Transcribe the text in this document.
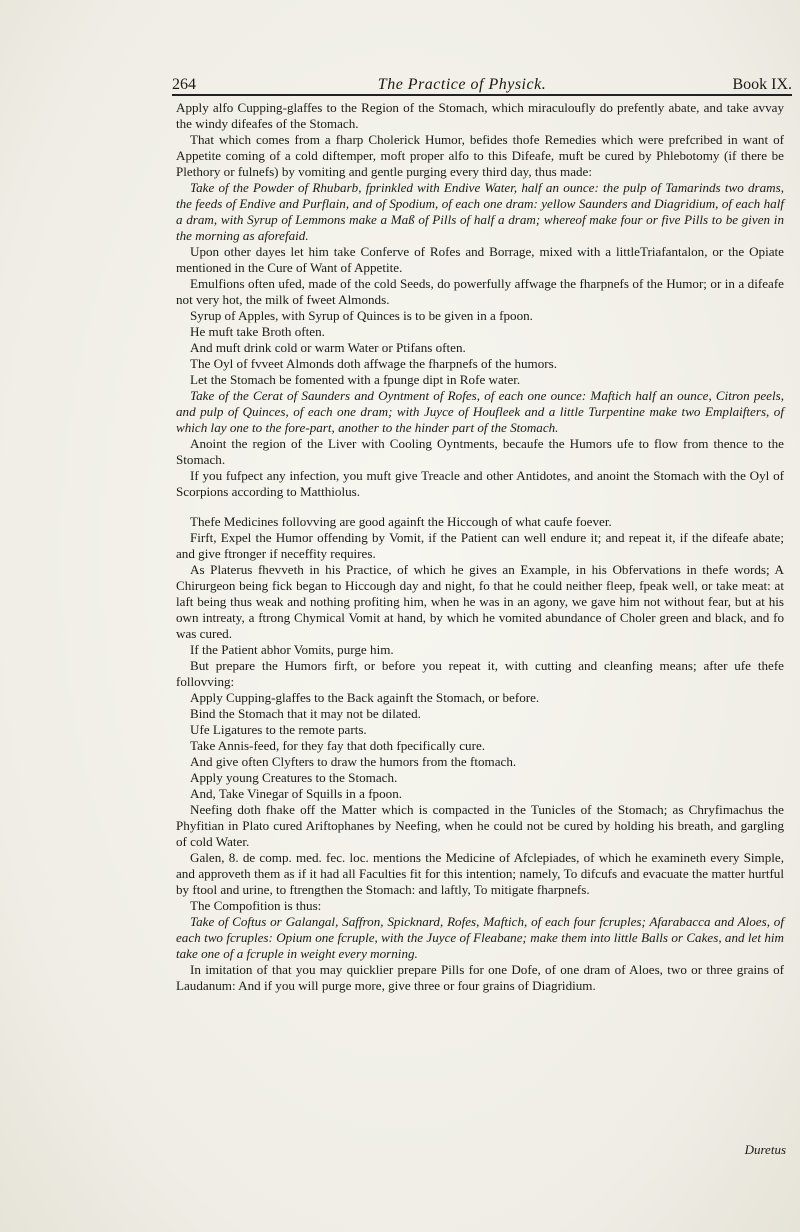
264	The Practice of Physick.	Book IX.

Apply alfo Cupping-glaffes to the Region of the Stomach, which miraculoufly do prefently abate, and take avvay the windy difeafes of the Stomach.

That which comes from a fharp Cholerick Humor, befides thofe Remedies which were prefcribed in want of Appetite coming of a cold diftemper, moft proper alfo to this Difeafe, muft be cured by Phlebotomy (if there be Plethory or fulnefs) by vomiting and gentle purging every third day, thus made:

Take of the Powder of Rhubarb, fprinkled with Endive Water, half an ounce: the pulp of Tamarinds two drams, the feeds of Endive and Purflain, and of Spodium, of each one dram: yellow Saunders and Diagridium, of each half a dram, with Syrup of Lemmons make a Maß of Pills of half a dram; whereof make four or five Pills to be given in the morning as aforefaid.

Upon other dayes let him take Conferve of Rofes and Borrage, mixed with a littleTriafantalon, or the Opiate mentioned in the Cure of Want of Appetite.

Emulfions often ufed, made of the cold Seeds, do powerfully affwage the fharpnefs of the Humor; or in a difeafe not very hot, the milk of fweet Almonds.

Syrup of Apples, with Syrup of Quinces is to be given in a fpoon.

He muft take Broth often.

And muft drink cold or warm Water or Ptifans often.

The Oyl of fvveet Almonds doth affwage the fharpnefs of the humors.

Let the Stomach be fomented with a fpunge dipt in Rofe water.

Take of the Cerat of Saunders and Oyntment of Rofes, of each one ounce: Maftich half an ounce, Citron peels, and pulp of Quinces, of each one dram; with Juyce of Houfleek and a little Turpentine make two Emplaifters, of which lay one to the fore-part, another to the hinder part of the Stomach.

Anoint the region of the Liver with Cooling Oyntments, becaufe the Humors ufe to flow from thence to the Stomach.

If you fufpect any infection, you muft give Treacle and other Antidotes, and anoint the Stomach with the Oyl of Scorpions according to Matthiolus.

Thefe Medicines follovving are good againft the Hiccough of what caufe foever.

Firft, Expel the Humor offending by Vomit, if the Patient can well endure it; and repeat it, if the difeafe abate; and give ftronger if neceffity requires.

As Platerus fhevveth in his Practice, of which he gives an Example, in his Obfervations in thefe words; A Chirurgeon being fick began to Hiccough day and night, fo that he could neither fleep, fpeak well, or take meat: at laft being thus weak and nothing profiting him, when he was in an agony, we gave him not without fear, but at his own intreaty, a ftrong Chymical Vomit at hand, by which he vomited abundance of Choler green and black, and fo was cured.

If the Patient abhor Vomits, purge him.

But prepare the Humors firft, or before you repeat it, with cutting and cleanfing means; after ufe thefe follovving:

Apply Cupping-glaffes to the Back againft the Stomach, or before.

Bind the Stomach that it may not be dilated.

Ufe Ligatures to the remote parts.

Take Annis-feed, for they fay that doth fpecifically cure.

And give often Clyfters to draw the humors from the ftomach.

Apply young Creatures to the Stomach.

And, Take Vinegar of Squills in a fpoon.

Neefing doth fhake off the Matter which is compacted in the Tunicles of the Stomach; as Chryfimachus the Phyfitian in Plato cured Ariftophanes by Neefing, when he could not be cured by holding his breath, and gargling of cold Water.

Galen, 8. de comp. med. fec. loc. mentions the Medicine of Afclepiades, of which he examineth every Simple, and approveth them as if it had all Faculties fit for this intention; namely, To difcufs and evacuate the matter hurtful by ftool and urine, to ftrengthen the Stomach: and laftly, To mitigate fharpnefs.

The Compofition is thus:

Take of Coftus or Galangal, Saffron, Spicknard, Rofes, Maftich, of each four fcruples; Afarabacca and Aloes, of each two fcruples: Opium one fcruple, with the Juyce of Fleabane; make them into little Balls or Cakes, and let him take one of a fcruple in weight every morning.

In imitation of that you may quicklier prepare Pills for one Dofe, of one dram of Aloes, two or three grains of Laudanum: And if you will purge more, give three or four grains of Diagridium.

Duretus
